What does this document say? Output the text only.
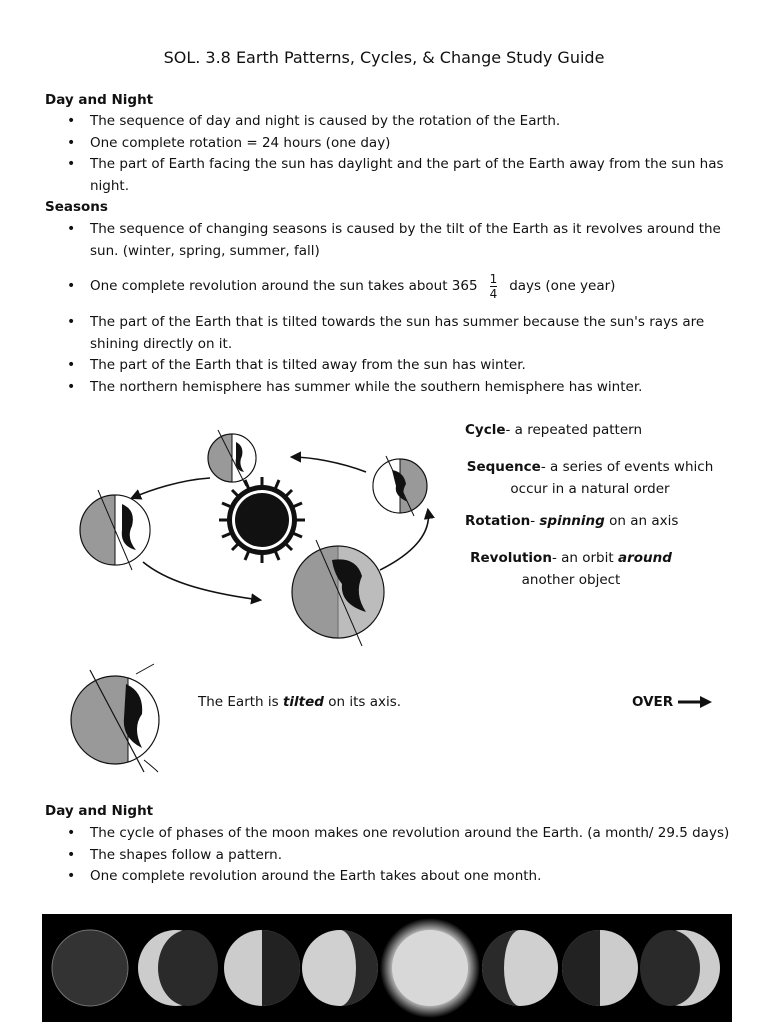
SOL. 3.8 Earth Patterns, Cycles, & Change Study Guide
Day and Night
• The sequence of day and night is caused by the rotation of the Earth.
• One complete rotation = 24 hours (one day)
• The part of Earth facing the sun has daylight and the part of the Earth away from the sun has night.
Seasons
• The sequence of changing seasons is caused by the tilt of the Earth as it revolves around the sun. (winter, spring, summer, fall)
• One complete revolution around the sun takes about $365 \frac{1}{4}$ days (one year)
• The part of the Earth that is tilted towards the sun has summer because the sun's rays are shining directly on it.
• The part of the Earth that is tilted away from the sun has winter.
• The northern hemisphere has summer while the southern hemisphere has winter.
Cycle- a repeated pattern
Sequence- a series of events which
occur in a natural order
Rotation- spinning on an axis
Revolution- an orbit around
another object
The Earth is tilted on its axis.	OVER
Day and Night
• The cycle of phases of the moon makes one revolution around the Earth. (a month/ 29.5 days)
• The shapes follow a pattern.
• One complete revolution around the Earth takes about one month.
